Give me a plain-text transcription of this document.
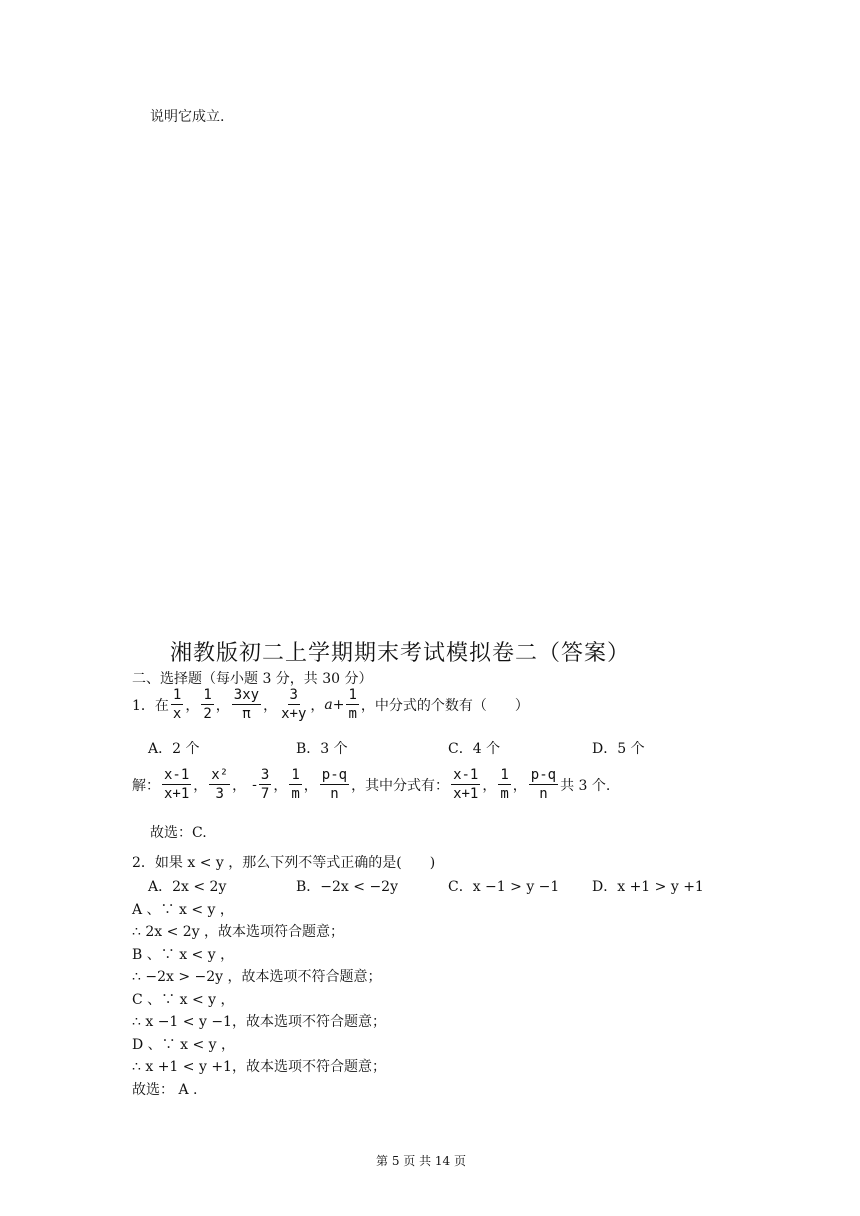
说明它成立.
湘教版初二上学期期末考试模拟卷二（答案）
二、选择题（每小题 3 分，共 30 分）
1．在 $\frac{1}{x}$ ， $\frac{1}{2}$ ， $\frac{3xy}{\pi}$ ， $\frac{3}{x+y}$ ， $a+ \frac{1}{m}$ ，中分式的个数有（　　）
A．2 个	B．3 个	C．4 个	D．5 个
解： $\frac{x-1}{x+1}$ ， $\frac{\text{x²}}{3}$ ， - $\frac{3}{7}$ ， $\frac{1}{m}$ ， $\frac{p-q}{n}$ ， 其中分式有： $\frac{x-1}{x+1}$ ， $\frac{1}{m}$ ， $\frac{p-q}{n}$ 共 3 个.
故选：C.
2．如果 x < y ，那么下列不等式正确的是(　　)
A．2x < 2y	B．−2x < −2y	C．x −1 > y −1 D．x +1 > y +1
A 、∵ x < y ，
∴ 2x < 2y ，故本选项符合题意；
B 、∵ x < y ，
∴ −2x > −2y ，故本选项不符合题意；
C 、∵ x < y ，
∴ x −1 < y −1，故本选项不符合题意；
D 、∵ x < y ，
∴ x +1 < y +1，故本选项不符合题意；
故选： A .
第 5 页 共 14 页
